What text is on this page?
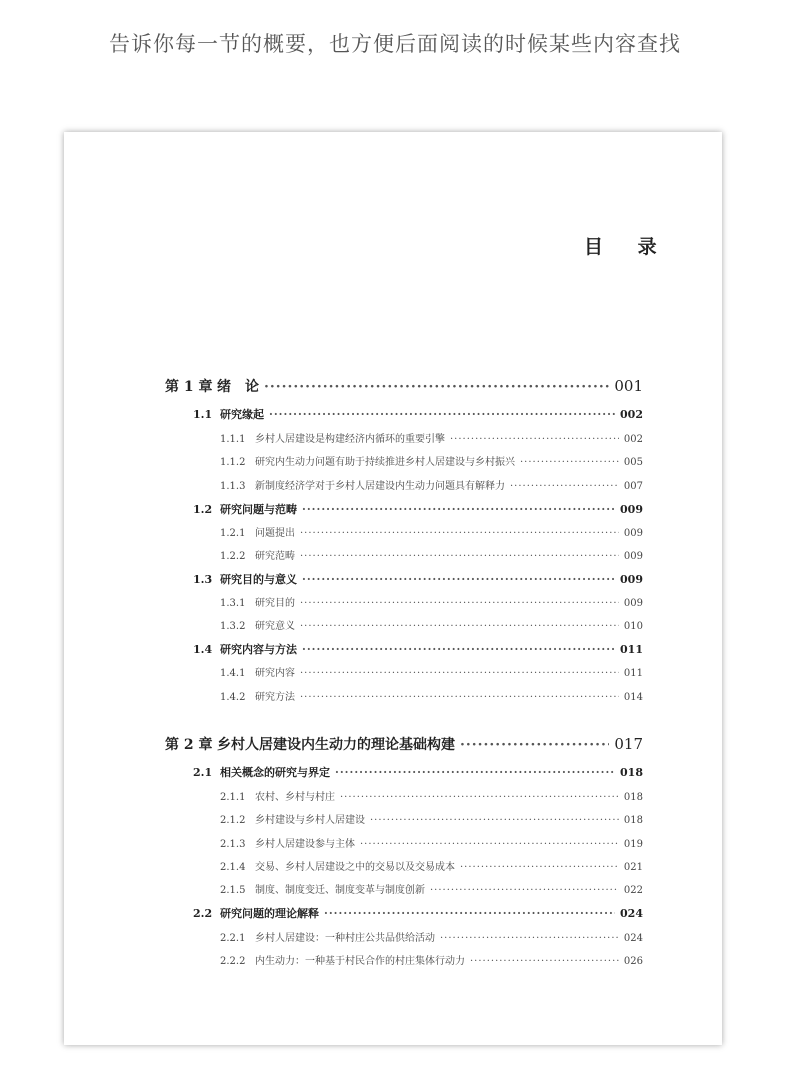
告诉你每一节的概要，也方便后面阅读的时候某些内容查找
目 录
第 1 章 绪　论 ·····	001
1.1 研究缘起 ·····	002
1.1.1 乡村人居建设是构建经济内循环的重要引擎 ·····	002
1.1.2 研究内生动力问题有助于持续推进乡村人居建设与乡村振兴 ·····	005
1.1.3 新制度经济学对于乡村人居建设内生动力问题具有解释力 ·····	007
1.2 研究问题与范畴 ·····	009
1.2.1 问题提出 ·····	009
1.2.2 研究范畴 ·····	009
1.3 研究目的与意义 ·····	009
1.3.1 研究目的 ·····	009
1.3.2 研究意义 ·····	010
1.4 研究内容与方法 ·····	011
1.4.1 研究内容 ·····	011
1.4.2 研究方法 ·····	014
第 2 章 乡村人居建设内生动力的理论基础构建 ·····	017
2.1 相关概念的研究与界定 ·····	018
2.1.1 农村、乡村与村庄 ·····	018
2.1.2 乡村建设与乡村人居建设 ·····	018
2.1.3 乡村人居建设参与主体 ·····	019
2.1.4 交易、乡村人居建设之中的交易以及交易成本 ·····	021
2.1.5 制度、制度变迁、制度变革与制度创新 ·····	022
2.2 研究问题的理论解释 ·····	024
2.2.1 乡村人居建设：一种村庄公共品供给活动 ·····	024
2.2.2 内生动力：一种基于村民合作的村庄集体行动力 ·····	026
